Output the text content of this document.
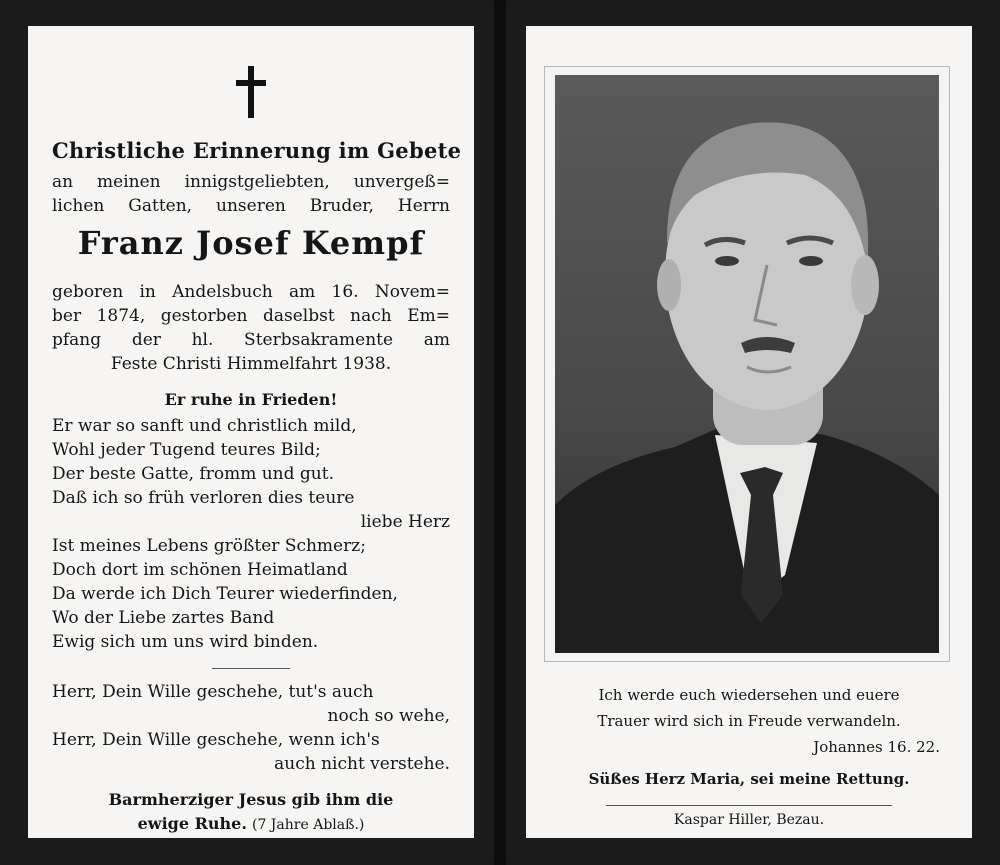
Christliche Erinnerung im Gebete
an meinen innigstgeliebten, unvergeß=
lichen Gatten, unseren Bruder, Herrn
Franz Josef Kempf
geboren in Andelsbuch am 16. Novem=
ber 1874, gestorben daselbst nach Em=
pfang der hl. Sterbsakramente am
Feste Christi Himmelfahrt 1938.
Er ruhe in Frieden!
Er war so sanft und christlich mild,
Wohl jeder Tugend teures Bild;
Der beste Gatte, fromm und gut.
Daß ich so früh verloren dies teure
liebe Herz
Ist meines Lebens größter Schmerz;
Doch dort im schönen Heimatland
Da werde ich Dich Teurer wiederfinden,
Wo der Liebe zartes Band
Ewig sich um uns wird binden.
Herr, Dein Wille geschehe, tut's auch
noch so wehe,
Herr, Dein Wille geschehe, wenn ich's
auch nicht verstehe.
Barmherziger Jesus gib ihm die
ewige Ruhe. (7 Jahre Ablaß.)
Ich werde euch wiedersehen und euere
Trauer wird sich in Freude verwandeln.
Johannes 16. 22.
Süßes Herz Maria, sei meine Rettung.
Kaspar Hiller, Bezau.
